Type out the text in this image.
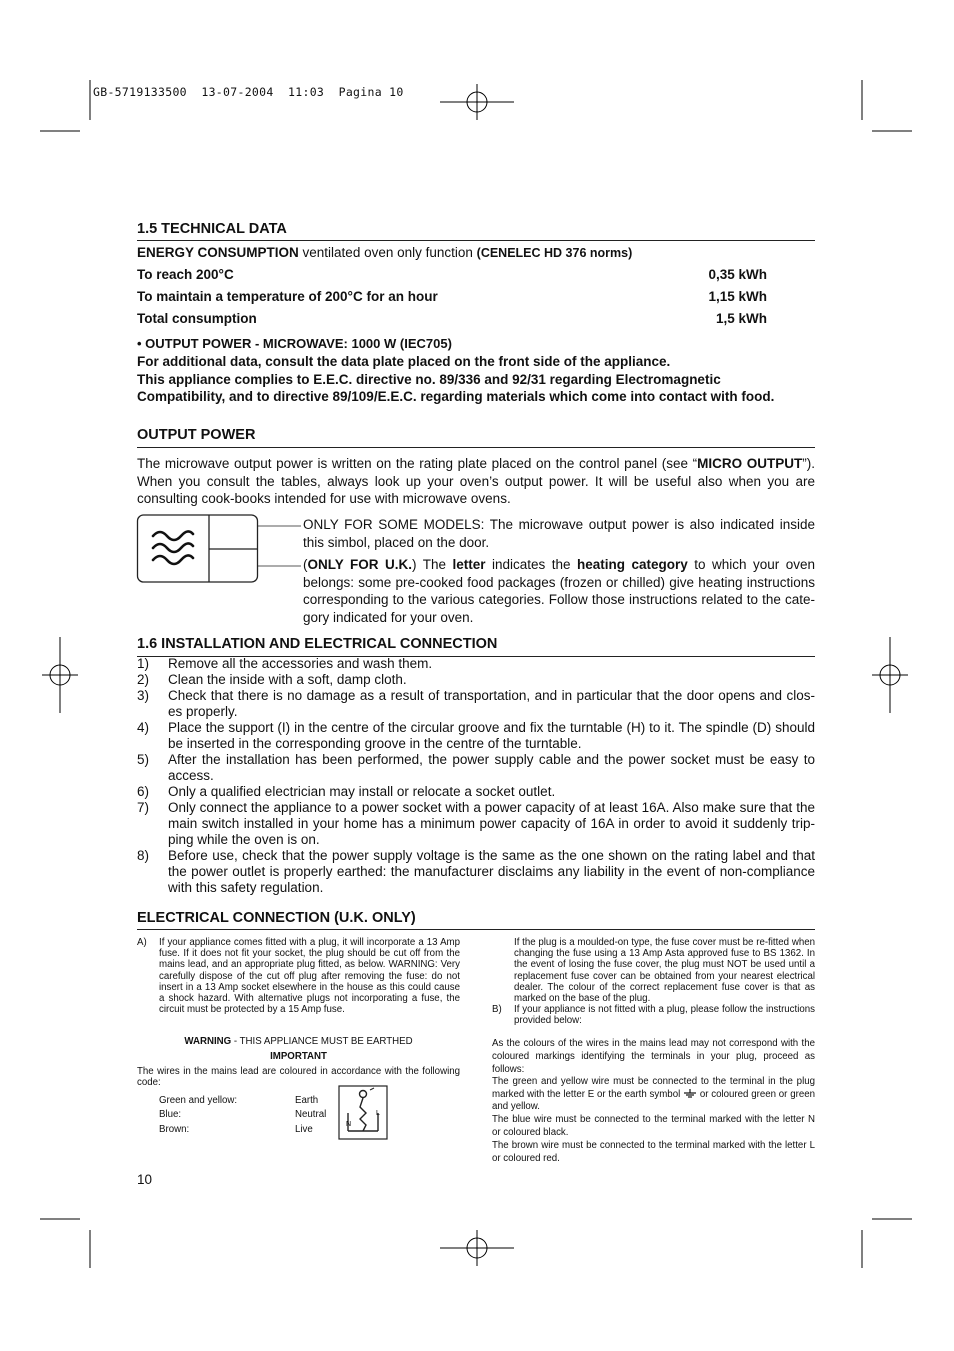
GB-5719133500  13-07-2004  11:03  Pagina 10
1.5 TECHNICAL DATA
ENERGY CONSUMPTION ventilated oven only function (CENELEC HD 376 norms)
To reach 200°C	0,35 kWh
To maintain a temperature of 200°C for an hour	1,15 kWh
Total consumption	1,5 kWh
• OUTPUT POWER - MICROWAVE: 1000 W (IEC705)
For additional data, consult the data plate placed on the front side of the appliance.
This appliance complies to E.E.C. directive no. 89/336 and 92/31 regarding Electromagnetic Compatibility, and to directive 89/109/E.E.C. regarding materials which come into contact with food.
OUTPUT POWER
The microwave output power is written on the rating plate placed on the control panel (see “MICRO OUTPUT”). When you consult the tables, always look up your oven’s output power. It will be useful also when you are consulting cook-books intended for use with microwave ovens.
ONLY FOR SOME MODELS: The microwave output power is also indicated inside this simbol, placed on the door.
(ONLY FOR U.K.) The letter indicates the heating category to which your oven belongs: some pre-cooked food packages (frozen or chilled) give heating instructions corresponding to the various categories. Follow those instructions related to the cate-gory indicated for your oven.
1.6 INSTALLATION AND ELECTRICAL CONNECTION
1) Remove all the accessories and wash them.
2) Clean the inside with a soft, damp cloth.
3) Check that there is no damage as a result of transportation, and in particular that the door opens and clos-es properly.
4) Place the support (I) in the centre of the circular groove and fix the turntable (H) to it. The spindle (D) should be inserted in the corresponding groove in the centre of the turntable.
5) After the installation has been performed, the power supply cable and the power socket must be easy to access.
6) Only a qualified electrician may install or relocate a socket outlet.
7) Only connect the appliance to a power socket with a power capacity of at least 16A. Also make sure that the main switch installed in your home has a minimum power capacity of 16A in order to avoid it suddenly trip-ping while the oven is on.
8) Before use, check that the power supply voltage is the same as the one shown on the rating label and that the power outlet is properly earthed: the manufacturer disclaims any liability in the event of non-compliance with this safety regulation.
ELECTRICAL CONNECTION (U.K. ONLY)
A) If your appliance comes fitted with a plug, it will incorporate a 13 Amp fuse. If it does not fit your socket, the plug should be cut off from the mains lead, and an appropriate plug fitted, as below. WARNING: Very carefully dispose of the cut off plug after removing the fuse: do not insert in a 13 Amp socket elsewhere in the house as this could cause a shock hazard. With alternative plugs not incorporating a fuse, the circuit must be protected by a 15 Amp fuse.
WARNING - THIS APPLIANCE MUST BE EARTHED
IMPORTANT
The wires in the mains lead are coloured in accordance with the following code:
Green and yellow:	Earth
Blue:	Neutral
Brown:	Live	N
L
If the plug is a moulded-on type, the fuse cover must be re-fitted when changing the fuse using a 13 Amp Asta approved fuse to BS 1362. In the event of losing the fuse cover, the plug must NOT be used until a replacement fuse cover can be obtained from your nearest electrical dealer. The colour of the correct replacement fuse cover is that as marked on the base of the plug.
B) If your appliance is not fitted with a plug, please follow the instructions provided below:
As the colours of the wires in the mains lead may not correspond with the coloured markings identifying the terminals in your plug, proceed as follows:
The green and yellow wire must be connected to the terminal in the plug marked with the letter E or the earth symbol
or coloured green or green and yellow.
The blue wire must be connected to the terminal marked with the letter N or coloured black.
The brown wire must be connected to the terminal marked with the letter L or coloured red.
10
